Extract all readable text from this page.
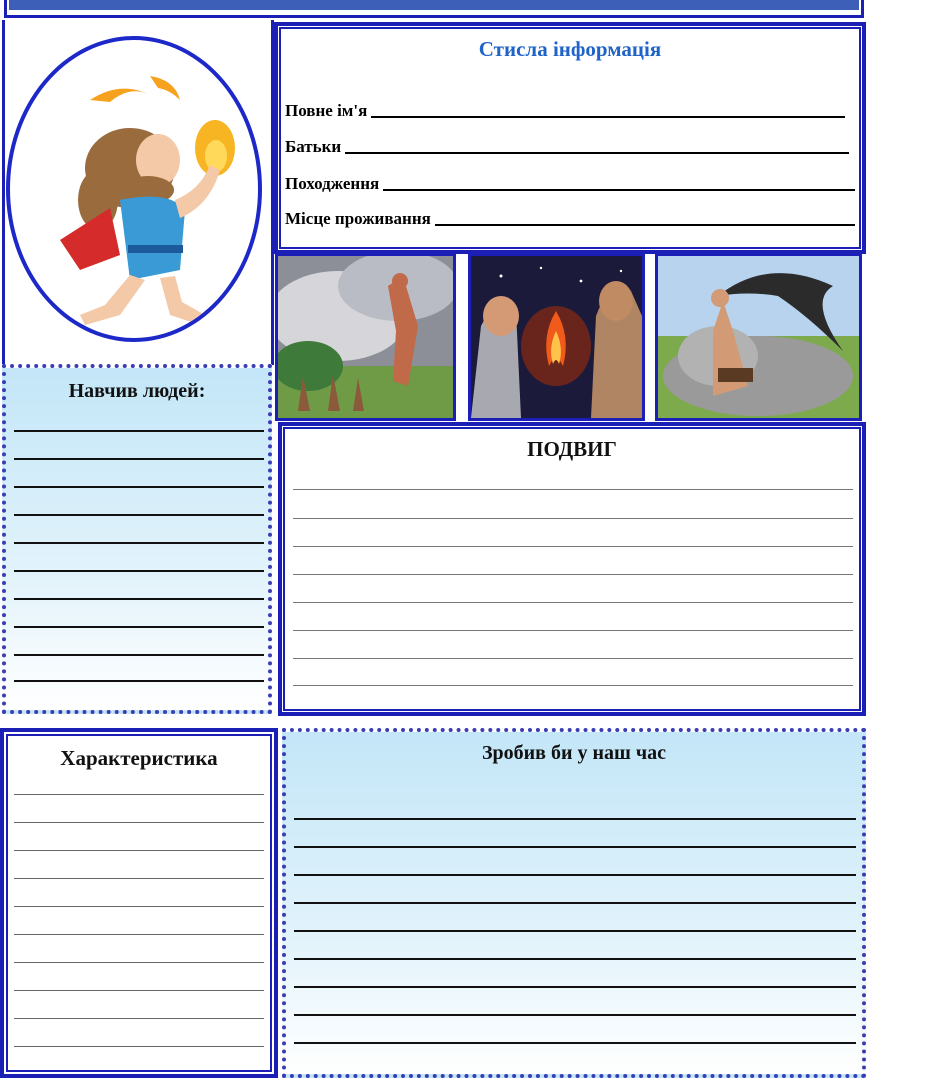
Стисла інформація
Повне ім'я
Батьки
Походження
Місце проживання
Навчив людей:
ПОДВИГ
Характеристика	Зробив би у наш час
